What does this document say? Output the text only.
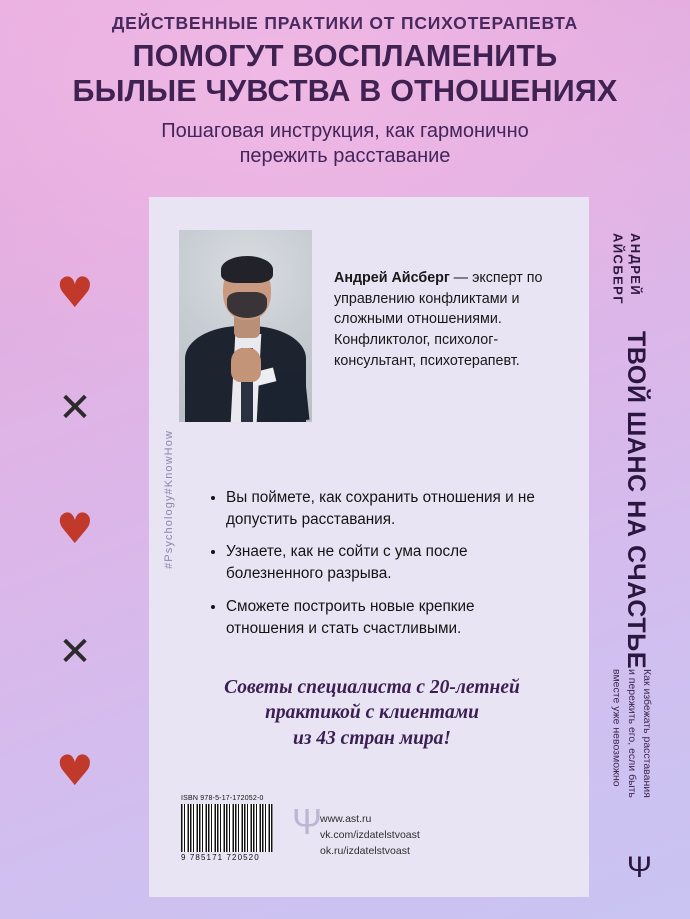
ДЕЙСТВЕННЫЕ ПРАКТИКИ ОТ ПСИХОТЕРАПЕВТА
ПОМОГУТ ВОСПЛАМЕНИТЬ
БЫЛЫЕ ЧУВСТВА В ОТНОШЕНИЯХ
Пошаговая инструкция, как гармонично
пережить расставание
Андрей Айсберг — эксперт по управлению конфликтами и сложными отношениями. Конфликтолог, психолог-консультант, психотерапевт.
#Psychology#KnowHow	• Вы поймете, как сохранить отношения и не допустить расставания.
• Узнаете, как не сойти с ума после болезненного разрыва.
• Сможете построить новые крепкие отношения и стать счастливыми.
Советы специалиста с 20-летней
практикой с клиентами
из 43 стран мира!
ISBN 978-5-17-172052-0
9 785171 720520
Ψ
www.ast.ru
vk.com/izdatelstvoast
ok.ru/izdatelstvoast
АНДРЕЙ
АЙСБЕРГ
ТВОЙ ШАНС НА СЧАСТЬЕ
Как избежать расставания
и пережить его, если быть
вместе уже невозможно
Ψ
♥
✕
♥
✕
♥
